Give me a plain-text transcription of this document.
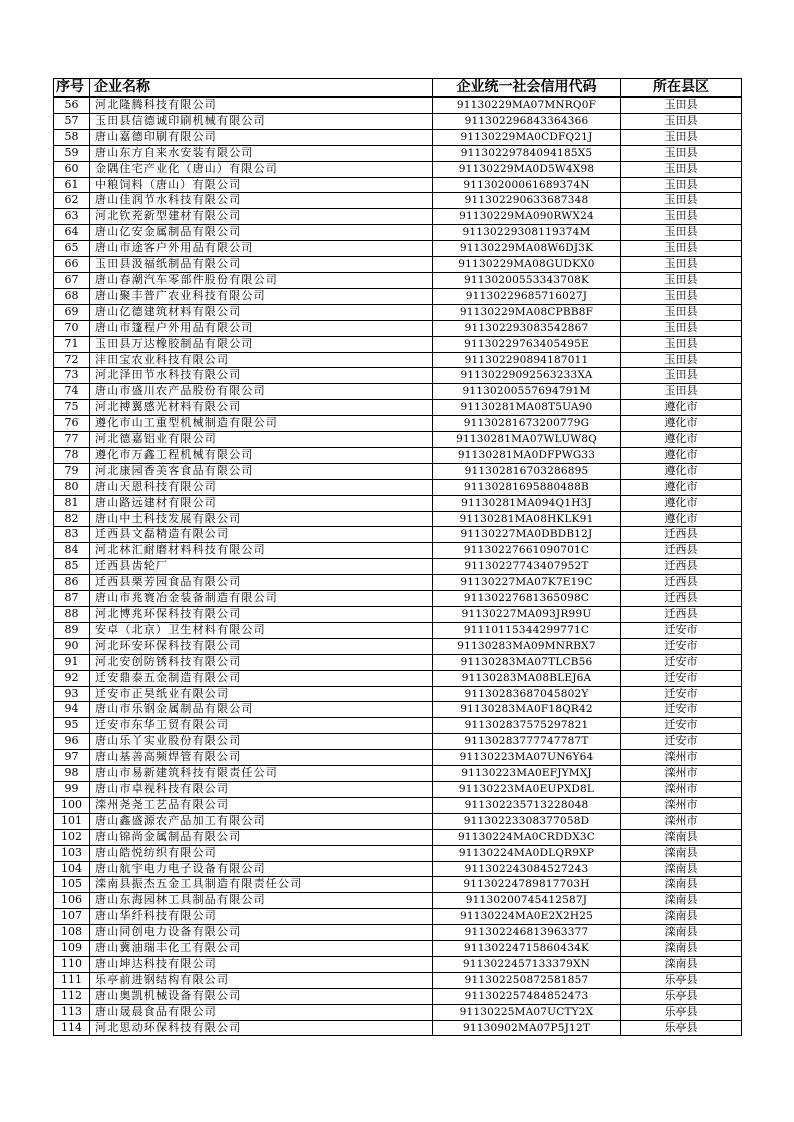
序号	企业名称	企业统一社会信用代码	所在县区
56	河北隆腾科技有限公司	91130229MA07MNRQ0F	玉田县
57	玉田县信德诚印刷机械有限公司	911302296843364366	玉田县
58	唐山嘉德印刷有限公司	91130229MA0CDFQ21J	玉田县
59	唐山东方自来水安装有限公司	91130229784094185X5	玉田县
60	金隅住宅产业化（唐山）有限公司	91130229MA0D5W4X98	玉田县
61	中粮饲料（唐山）有限公司	91130200061689374N	玉田县
62	唐山佳润节水科技有限公司	911302290633687348	玉田县
63	河北钦茺新型建材有限公司	91130229MA090RWX24	玉田县
64	唐山亿安金属制品有限公司	91130229308119374M	玉田县
65	唐山市途客户外用品有限公司	91130229MA08W6DJ3K	玉田县
66	玉田县汲福纸制品有限公司	91130229MA08GUDKX0	玉田县
67	唐山春潮汽车零部件股份有限公司	91130200553343708K	玉田县
68	唐山聚丰普广农业科技有限公司	91130229685716027J	玉田县
69	唐山亿德建筑材料有限公司	91130229MA08CPBB8F	玉田县
70	唐山市篷程户外用品有限公司	911302293083542867	玉田县
71	玉田县万达橡胶制品有限公司	91130229763405495E	玉田县
72	沣田宝农业科技有限公司	911302290894187011	玉田县
73	河北泽田节水科技有限公司	91130229092563233XA	玉田县
74	唐山市盛川农产品股份有限公司	91130200557694791M	玉田县
75	河北搏翼感光材料有限公司	91130281MA08T5UA90	遵化市
76	遵化市山工重型机械制造有限公司	91130281673200779G	遵化市
77	河北德嘉铝业有限公司	91130281MA07WLUW8Q	遵化市
78	遵化市万鑫工程机械有限公司	91130281MA0DFPWG33	遵化市
79	河北康园香美客食品有限公司	911302816703286895	遵化市
80	唐山天恩科技有限公司	91130281695880488B	遵化市
81	唐山路远建材有限公司	91130281MA094Q1H3J	遵化市
82	唐山中土科技发展有限公司	91130281MA08HKLK91	遵化市
83	迁西县文磊精造有限公司	91130227MA0DBDB12J	迁西县
84	河北林汇耐磨材料科技有限公司	91130227661090701C	迁西县
85	迁西县齿轮厂	91130227743407952T	迁西县
86	迁西县栗芳园食品有限公司	91130227MA07K7E19C	迁西县
87	唐山市兆寰冶金装备制造有限公司	91130227681365098C	迁西县
88	河北博兆环保科技有限公司	91130227MA093JR99U	迁西县
89	安卓（北京）卫生材料有限公司	91110115344299771C	迁安市
90	河北环安环保科技有限公司	91130283MA09MNRBX7	迁安市
91	河北安创防锈科技有限公司	91130283MA07TLCB56	迁安市
92	迁安鼎泰五金制造有限公司	91130283MA08BLEJ6A	迁安市
93	迁安市正昊纸业有限公司	91130283687045802Y	迁安市
94	唐山市乐钢金属制品有限公司	91130283MA0F18QR42	迁安市
95	迁安市东华工贸有限公司	911302837575297821	迁安市
96	唐山乐丫实业股份有限公司	91130283777747787T	迁安市
97	唐山基善高频焊管有限公司	91130223MA07UN6Y64	滦州市
98	唐山市易新建筑科技有限责任公司	91130223MA0EFJYMXJ	滦州市
99	唐山市卓视科技有限公司	91130223MA0EUPXD8L	滦州市
100	滦州尧尧工艺品有限公司	911302235713228048	滦州市
101	唐山鑫盛源农产品加工有限公司	91130223308377058D	滦州市
102	唐山锦尚金属制品有限公司	91130224MA0CRDDX3C	滦南县
103	唐山皓悦纺织有限公司	91130224MA0DLQR9XP	滦南县
104	唐山航宇电力电子设备有限公司	911302243084527243	滦南县
105	滦南县振杰五金工具制造有限责任公司	91130224789817703H	滦南县
106	唐山东海园林工具制品有限公司	91130200745412587J	滦南县
107	唐山华纤科技有限公司	91130224MA0E2X2H25	滦南县
108	唐山同创电力设备有限公司	911302246813963377	滦南县
109	唐山冀油瑞丰化工有限公司	91130224715860434K	滦南县
110	唐山坤达科技有限公司	9113022457133379XN	滦南县
111	乐亭前进钢结构有限公司	911302250872581857	乐亭县
112	唐山奥凯机械设备有限公司	911302257484852473	乐亭县
113	唐山晟晨食品有限公司	91130225MA07UCTY2X	乐亭县
114	河北思动环保科技有限公司	91130902MA07P5J12T	乐亭县
